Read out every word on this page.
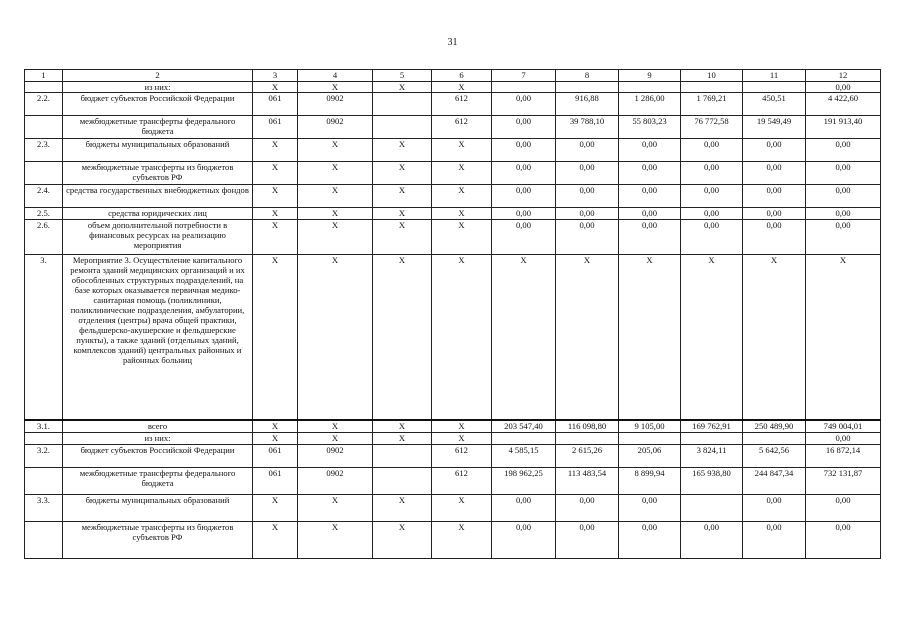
31
1	2	3	4	5	6	7	8	9	10	11	12
	из них:	X	X	X	X						0,00
2.2.	бюджет субъектов Российской Федерации	061	0902		612	0,00	916,88	1 286,00	1 769,21	450,51	4 422,60
	межбюджетные трансферты федерального бюджета	061	0902		612	0,00	39 788,10	55 803,23	76 772,58	19 549,49	191 913,40
2.3.	бюджеты муниципальных образований	X	X	X	X	0,00	0,00	0,00	0,00	0,00	0,00
	межбюджетные трансферты из бюджетов субъектов РФ	X	X	X	X	0,00	0,00	0,00	0,00	0,00	0,00
2.4.	средства государственных внебюджетных фондов	X	X	X	X	0,00	0,00	0,00	0,00	0,00	0,00
2.5.	средства юридических лиц	X	X	X	X	0,00	0,00	0,00	0,00	0,00	0,00
2.6.	объем дополнительной потребности в финансовых ресурсах на реализацию мероприятия	X	X	X	X	0,00	0,00	0,00	0,00	0,00	0,00
3.	Мероприятие 3. Осуществление капитального ремонта зданий медицинских организаций и их обособленных структурных подразделений, на базе которых оказывается первичная медико-санитарная помощь (поликлиники, поликлинические подразделения, амбулатории, отделения (центры) врача общей практики, фельдшерско-акушерские и фельдшерские пункты), а также зданий (отдельных зданий, комплексов зданий) центральных районных и районных больниц	X	X	X	X	X	X	X	X	X	X
3.1.	всего	X	X	X	X	203 547,40	116 098,80	9 105,00	169 762,91	250 489,90	749 004,01
	из них:	X	X	X	X						0,00
3.2.	бюджет субъектов Российской Федерации	061	0902		612	4 585,15	2 615,26	205,06	3 824,11	5 642,56	16 872,14
	межбюджетные трансферты федерального бюджета	061	0902		612	198 962,25	113 483,54	8 899,94	165 938,80	244 847,34	732 131,87
3.3.	бюджеты муниципальных образований	X	X	X	X	0,00	0,00	0,00		0,00	0,00
	межбюджетные трансферты из бюджетов субъектов РФ	X	X	X	X	0,00	0,00	0,00	0,00	0,00	0,00
